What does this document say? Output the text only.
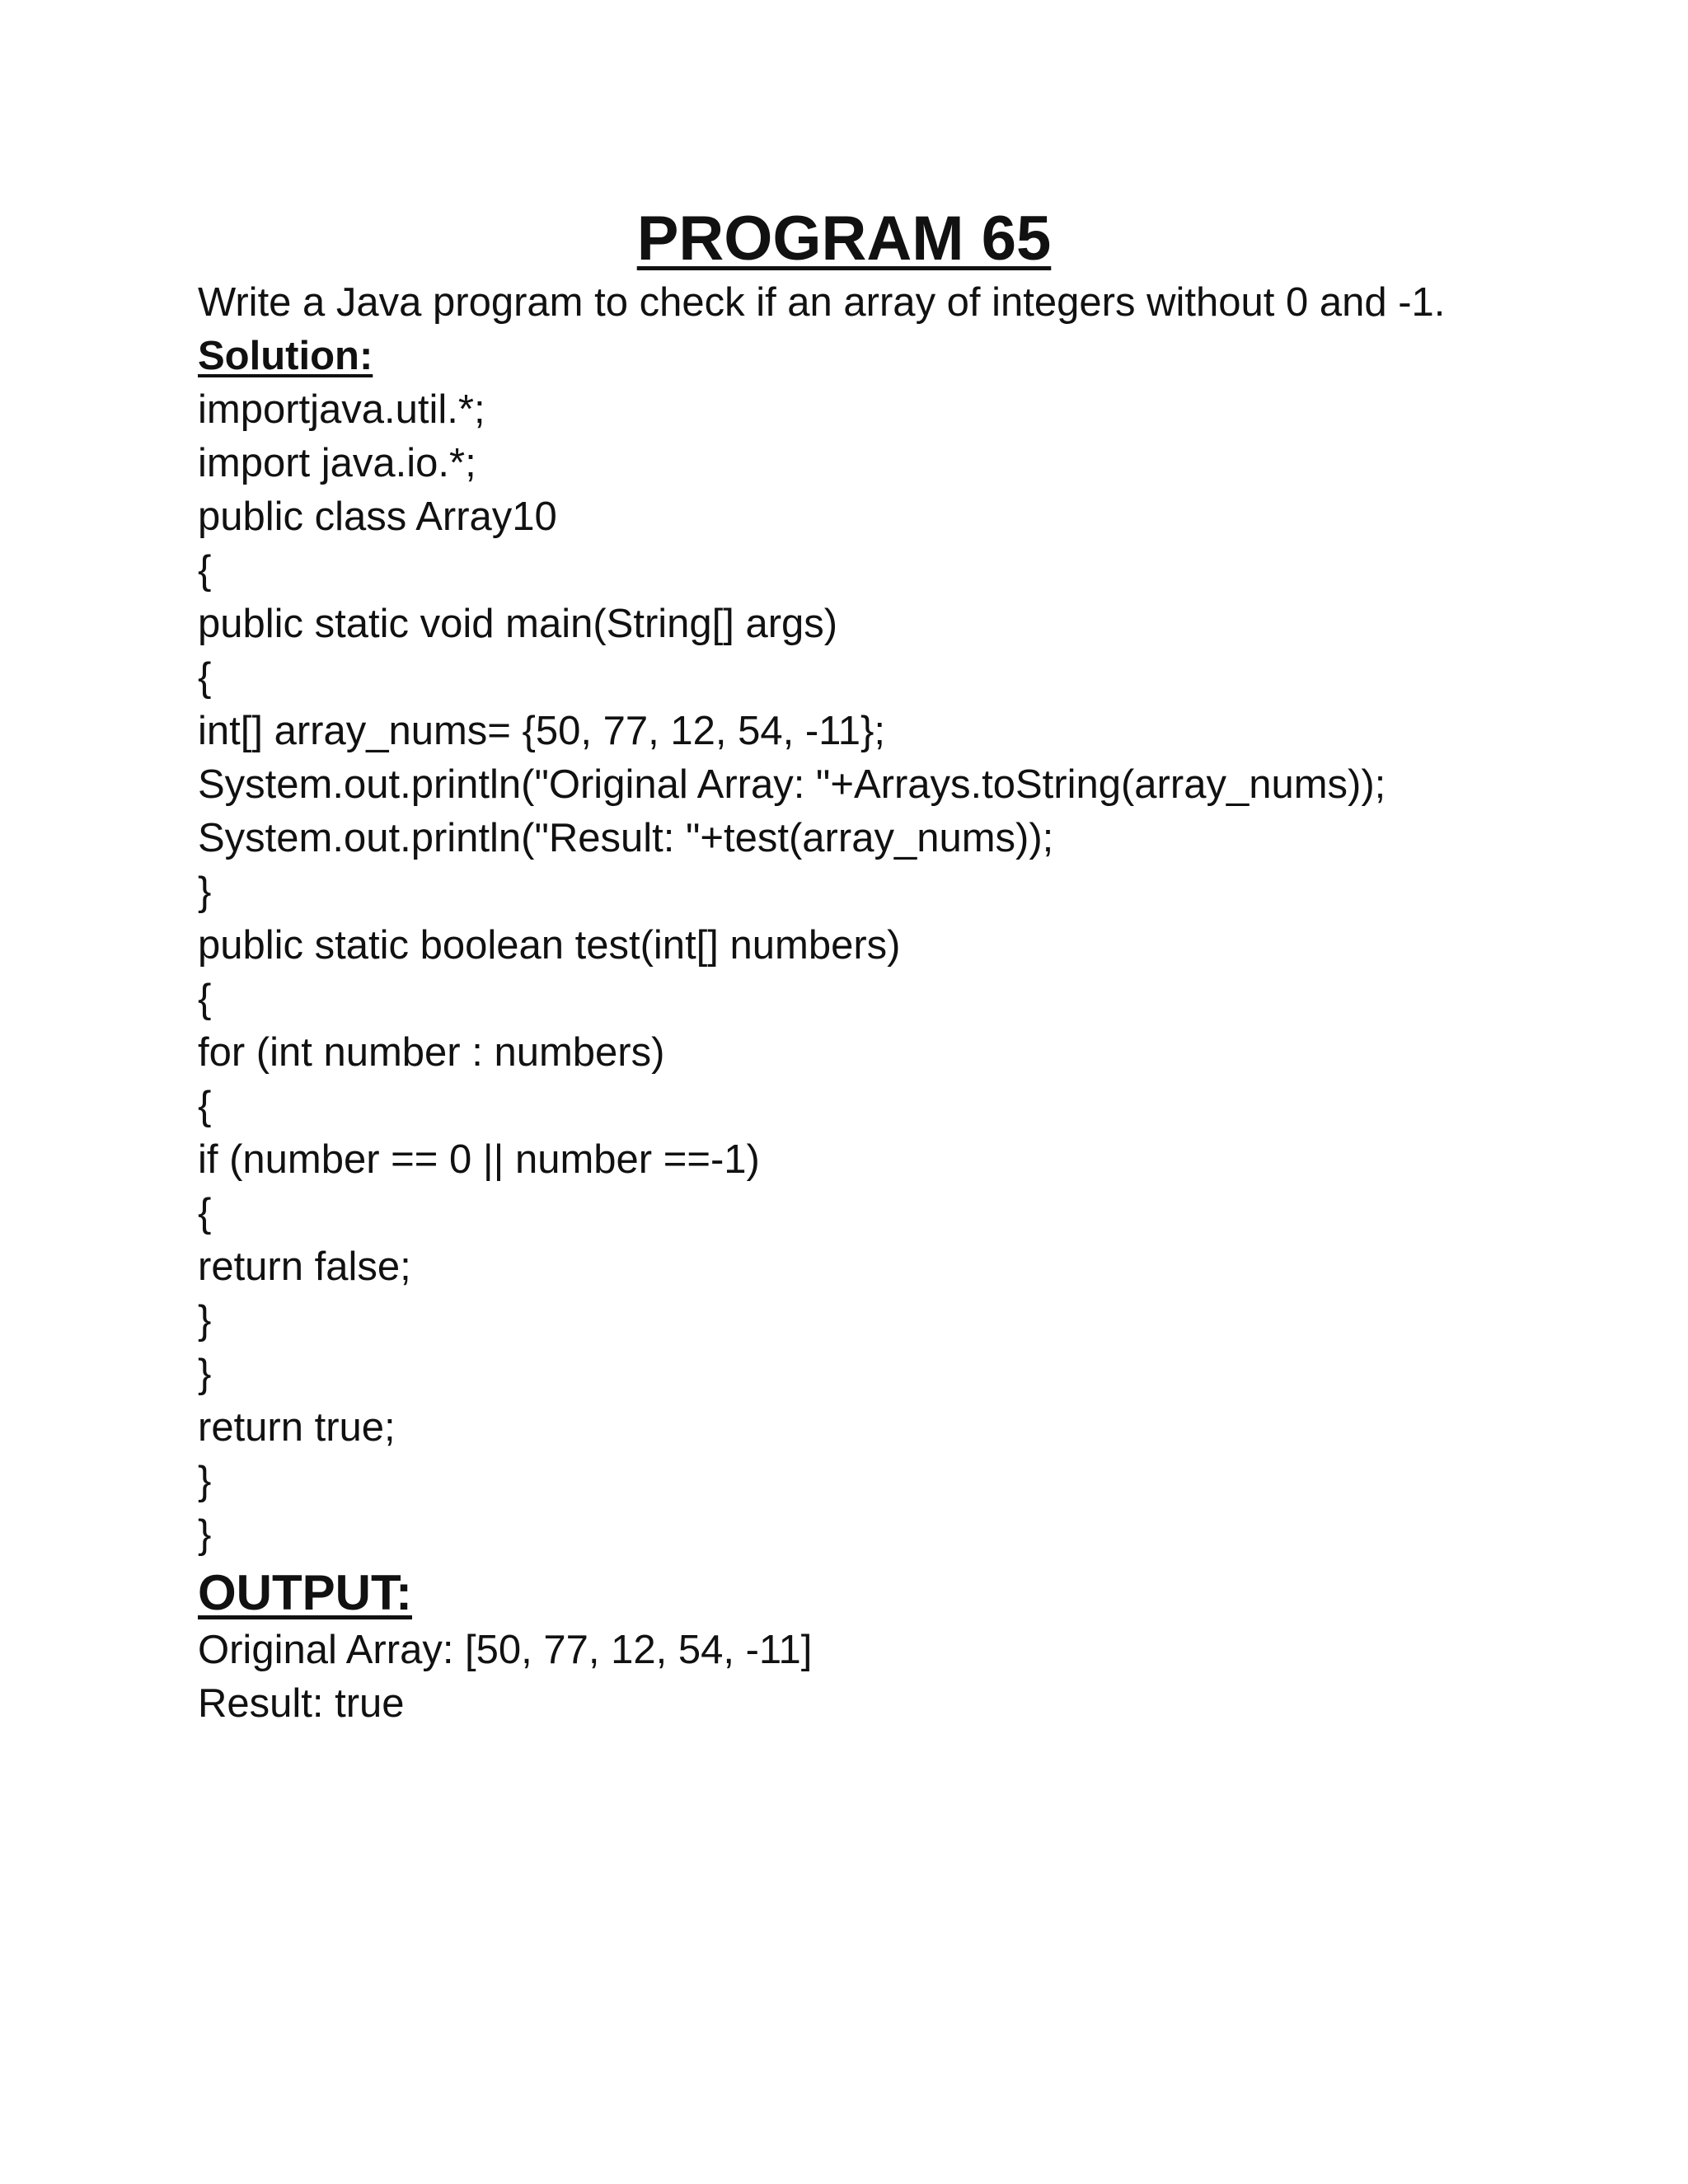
PROGRAM 65
Write a Java program to check if an array of integers without 0 and -1.
Solution:
importjava.util.*;
import java.io.*;
public class Array10
{
public static void main(String[] args)
{
int[] array_nums= {50, 77, 12, 54, -11};
System.out.println("Original Array: "+Arrays.toString(array_nums));
System.out.println("Result: "+test(array_nums));
}
public static boolean test(int[] numbers)
{
for (int number : numbers)
{
if (number == 0 || number ==-1)
{
return false;
}
}
return true;
}
}
OUTPUT:
Original Array: [50, 77, 12, 54, -11]
Result: true
